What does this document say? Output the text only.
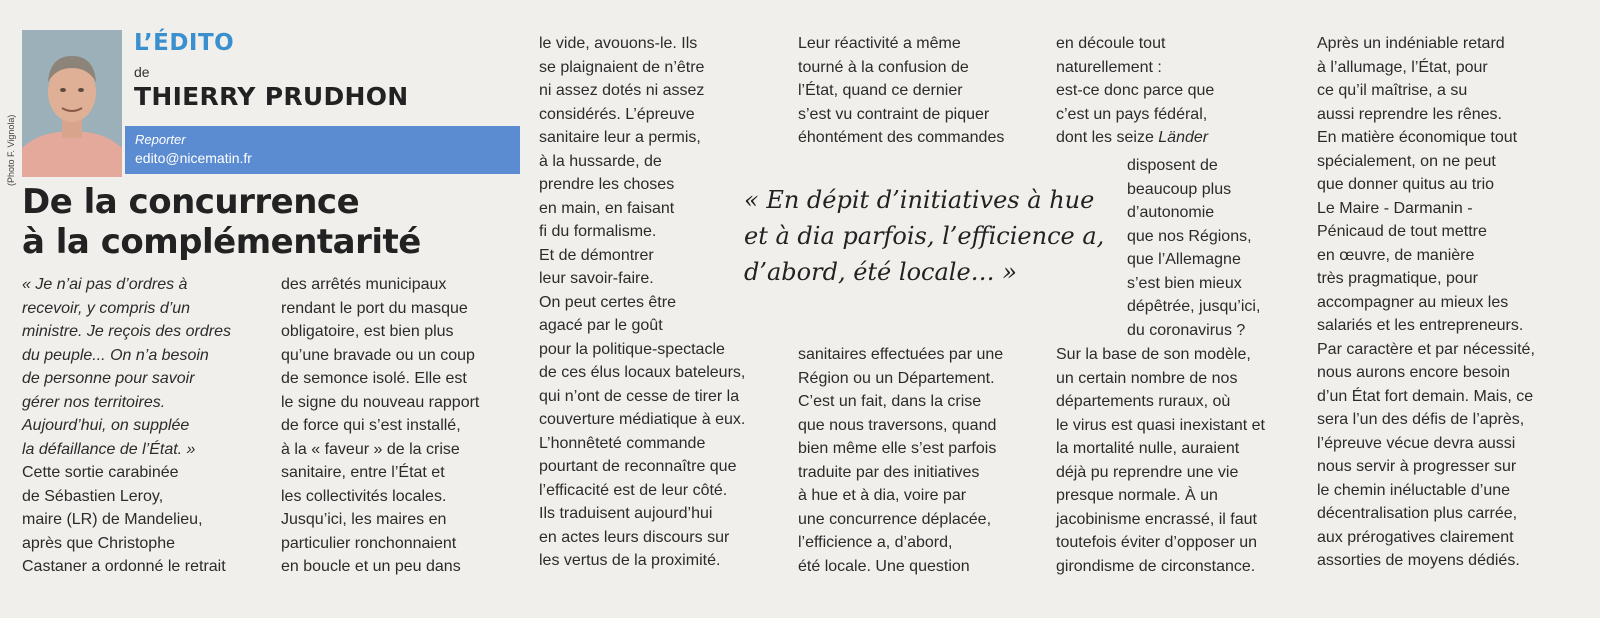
(Photo F. Vignola)
L’ÉDITO
de
THIERRY PRUDHON
Reporter
edito@nicematin.fr
De la concurrence
à la complémentarité

« Je n’ai pas d’ordres à

recevoir, y compris d’un

ministre. Je reçois des ordres

du peuple... On n’a besoin

de personne pour savoir

gérer nos territoires.

Aujourd’hui, on supplée

la défaillance de l’État. »

Cette sortie carabinée

de Sébastien Leroy,

maire (LR) de Mandelieu,

après que Christophe

Castaner a ordonné le retrait

des arrêtés municipaux

rendant le port du masque

obligatoire, est bien plus

qu’une bravade ou un coup

de semonce isolé. Elle est

le signe du nouveau rapport

de force qui s’est installé,

à la « faveur » de la crise

sanitaire, entre l’État et

les collectivités locales.

Jusqu’ici, les maires en

particulier ronchonnaient

en boucle et un peu dans

le vide, avouons-le. Ils

se plaignaient de n’être

ni assez dotés ni assez

considérés. L’épreuve

sanitaire leur a permis,

à la hussarde, de

prendre les choses

en main, en faisant

fi du formalisme.

Et de démontrer

leur savoir-faire.

On peut certes être

agacé par le goût

pour la politique-spectacle

de ces élus locaux bateleurs,

qui n’ont de cesse de tirer la

couverture médiatique à eux.

L’honnêteté commande

pourtant de reconnaître que

l’efficacité est de leur côté.

Ils traduisent aujourd’hui

en actes leurs discours sur

les vertus de la proximité.

Leur réactivité a même

tourné à la confusion de

l’État, quand ce dernier

s’est vu contraint de piquer

éhontément des commandes

« En dépit d’initiatives à hue

et à dia parfois, l’efficience a,

d’abord, été locale… »

sanitaires effectuées par une

Région ou un Département.

C’est un fait, dans la crise

que nous traversons, quand

bien même elle s’est parfois

traduite par des initiatives

à hue et à dia, voire par

une concurrence déplacée,

l’efficience a, d’abord,

été locale. Une question

en découle tout

naturellement :

est-ce donc parce que

c’est un pays fédéral,

dont les seize Länder

disposent de

beaucoup plus

d’autonomie

que nos Régions,

que l’Allemagne

s’est bien mieux

dépêtrée, jusqu’ici,

du coronavirus ?

Sur la base de son modèle,

un certain nombre de nos

départements ruraux, où

le virus est quasi inexistant et

la mortalité nulle, auraient

déjà pu reprendre une vie

presque normale. À un

jacobinisme encrassé, il faut

toutefois éviter d’opposer un

girondisme de circonstance.

Après un indéniable retard

à l’allumage, l’État, pour

ce qu’il maîtrise, a su

aussi reprendre les rênes.

En matière économique tout

spécialement, on ne peut

que donner quitus au trio

Le Maire - Darmanin -

Pénicaud de tout mettre

en œuvre, de manière

très pragmatique, pour

accompagner au mieux les

salariés et les entrepreneurs.

Par caractère et par nécessité,

nous aurons encore besoin

d’un État fort demain. Mais, ce

sera l’un des défis de l’après,

l’épreuve vécue devra aussi

nous servir à progresser sur

le chemin inéluctable d’une

décentralisation plus carrée,

aux prérogatives clairement

assorties de moyens dédiés.
